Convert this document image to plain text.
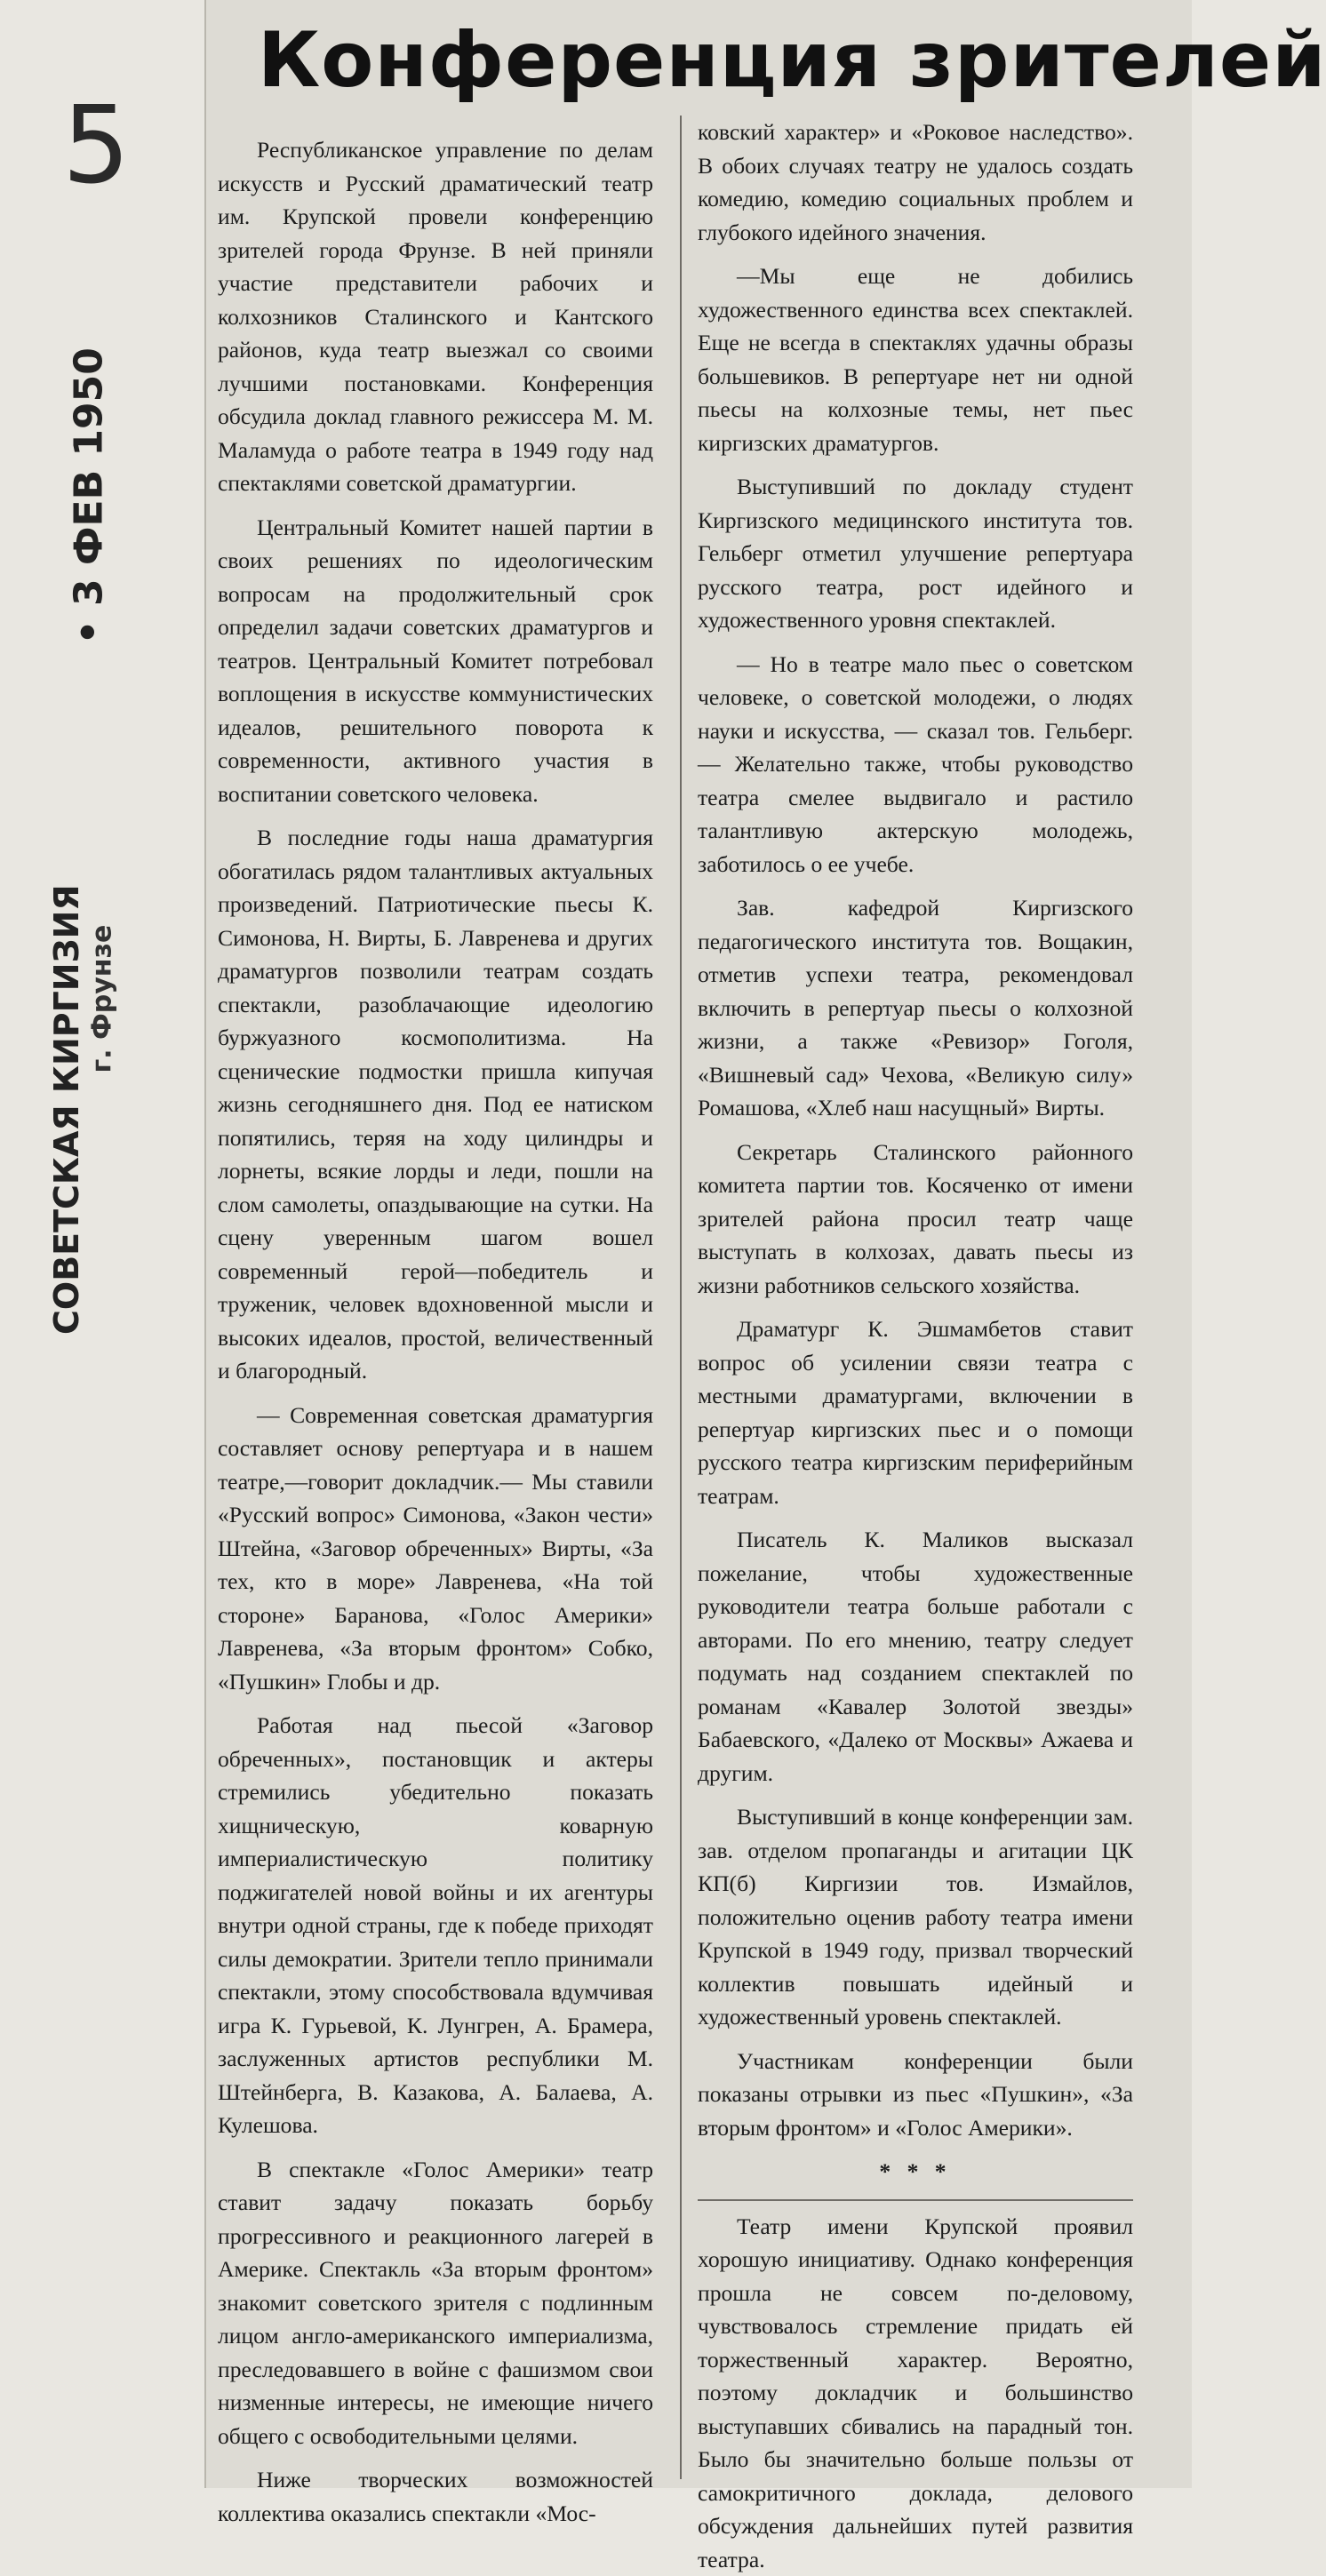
5
• 3 ФЕВ 1950
СОВЕТСКАЯ КИРГИЗИЯ г. Фрунзе
Конференция зрителей

Республиканское управление по делам искусств и Русский драматический театр им. Крупской провели конференцию зрителей города Фрунзе. В ней приняли участие представители рабочих и колхозников Сталинского и Кантского районов, куда театр выезжал со своими лучшими постановками. Конференция обсудила доклад главного режиссера М. М. Маламуда о работе театра в 1949 году над спектаклями советской драматургии.

Центральный Комитет нашей партии в своих решениях по идеологическим вопросам на продолжительный срок определил задачи советских драматургов и театров. Центральный Комитет потребовал воплощения в искусстве коммунистических идеалов, решительного поворота к современности, активного участия в воспитании советского человека.

В последние годы наша драматургия обогатилась рядом талантливых актуальных произведений. Патриотические пьесы К. Симонова, Н. Вирты, Б. Лавренева и других драматургов позволили театрам создать спектакли, разоблачающие идеологию буржуазного космополитизма. На сценические подмостки пришла кипучая жизнь сегодняшнего дня. Под ее натиском попятились, теряя на ходу цилиндры и лорнеты, всякие лорды и леди, пошли на слом самолеты, опаздывающие на сутки. На сцену уверенным шагом вошел современный герой—победитель и труженик, человек вдохновенной мысли и высоких идеалов, простой, величественный и благородный.

— Современная советская драматургия составляет основу репертуара и в нашем театре,—говорит докладчик.— Мы ставили «Русский вопрос» Симонова, «Закон чести» Штейна, «Заговор обреченных» Вирты, «За тех, кто в море» Лавренева, «На той стороне» Баранова, «Голос Америки» Лавренева, «За вторым фронтом» Собко, «Пушкин» Глобы и др.

Работая над пьесой «Заговор обреченных», постановщик и актеры стремились убедительно показать хищническую, коварную империалистическую политику поджигателей новой войны и их агентуры внутри одной страны, где к победе приходят силы демократии. Зрители тепло принимали спектакли, этому способствовала вдумчивая игра К. Гурьевой, К. Лунгрен, А. Брамера, заслуженных артистов республики М. Штейнберга, В. Казакова, А. Балаева, А. Кулешова.

В спектакле «Голос Америки» театр ставит задачу показать борьбу прогрессивного и реакционного лагерей в Америке. Спектакль «За вторым фронтом» знакомит советского зрителя с подлинным лицом англо-американского империализма, преследовавшего в войне с фашизмом свои низменные интересы, не имеющие ничего общего с освободительными целями.

Ниже творческих возможностей коллектива оказались спектакли «Мос-

ковский характер» и «Роковое наследство». В обоих случаях театру не удалось создать комедию, комедию социальных проблем и глубокого идейного значения.

—Мы еще не добились художественного единства всех спектаклей. Еще не всегда в спектаклях удачны образы большевиков. В репертуаре нет ни одной пьесы на колхозные темы, нет пьес киргизских драматургов.

Выступивший по докладу студент Киргизского медицинского института тов. Гельберг отметил улучшение репертуара русского театра, рост идейного и художественного уровня спектаклей.

— Но в театре мало пьес о советском человеке, о советской молодежи, о людях науки и искусства, — сказал тов. Гельберг. — Желательно также, чтобы руководство театра смелее выдвигало и растило талантливую актерскую молодежь, заботилось о ее учебе.

Зав. кафедрой Киргизского педагогического института тов. Вощакин, отметив успехи театра, рекомендовал включить в репертуар пьесы о колхозной жизни, а также «Ревизор» Гоголя, «Вишневый сад» Чехова, «Великую силу» Ромашова, «Хлеб наш насущный» Вирты.

Секретарь Сталинского районного комитета партии тов. Косяченко от имени зрителей района просил театр чаще выступать в колхозах, давать пьесы из жизни работников сельского хозяйства.

Драматург К. Эшмамбетов ставит вопрос об усилении связи театра с местными драматургами, включении в репертуар киргизских пьес и о помощи русского театра киргизским периферийным театрам.

Писатель К. Маликов высказал пожелание, чтобы художественные руководители театра больше работали с авторами. По его мнению, театру следует подумать над созданием спектаклей по романам «Кавалер Золотой звезды» Бабаевского, «Далеко от Москвы» Ажаева и другим.

Выступивший в конце конференции зам. зав. отделом пропаганды и агитации ЦК КП(б) Киргизии тов. Измайлов, положительно оценив работу театра имени Крупской в 1949 году, призвал творческий коллектив повышать идейный и художественный уровень спектаклей.

Участникам конференции были показаны отрывки из пьес «Пушкин», «За вторым фронтом» и «Голос Америки».

* * *

Театр имени Крупской проявил хорошую инициативу. Однако конференция прошла не совсем по-деловому, чувствовалось стремление придать ей торжественный характер. Вероятно, поэтому докладчик и большинство выступавших сбивались на парадный тон. Было бы значительно больше пользы от самокритичного доклада, делового обсуждения дальнейших путей развития театра.
